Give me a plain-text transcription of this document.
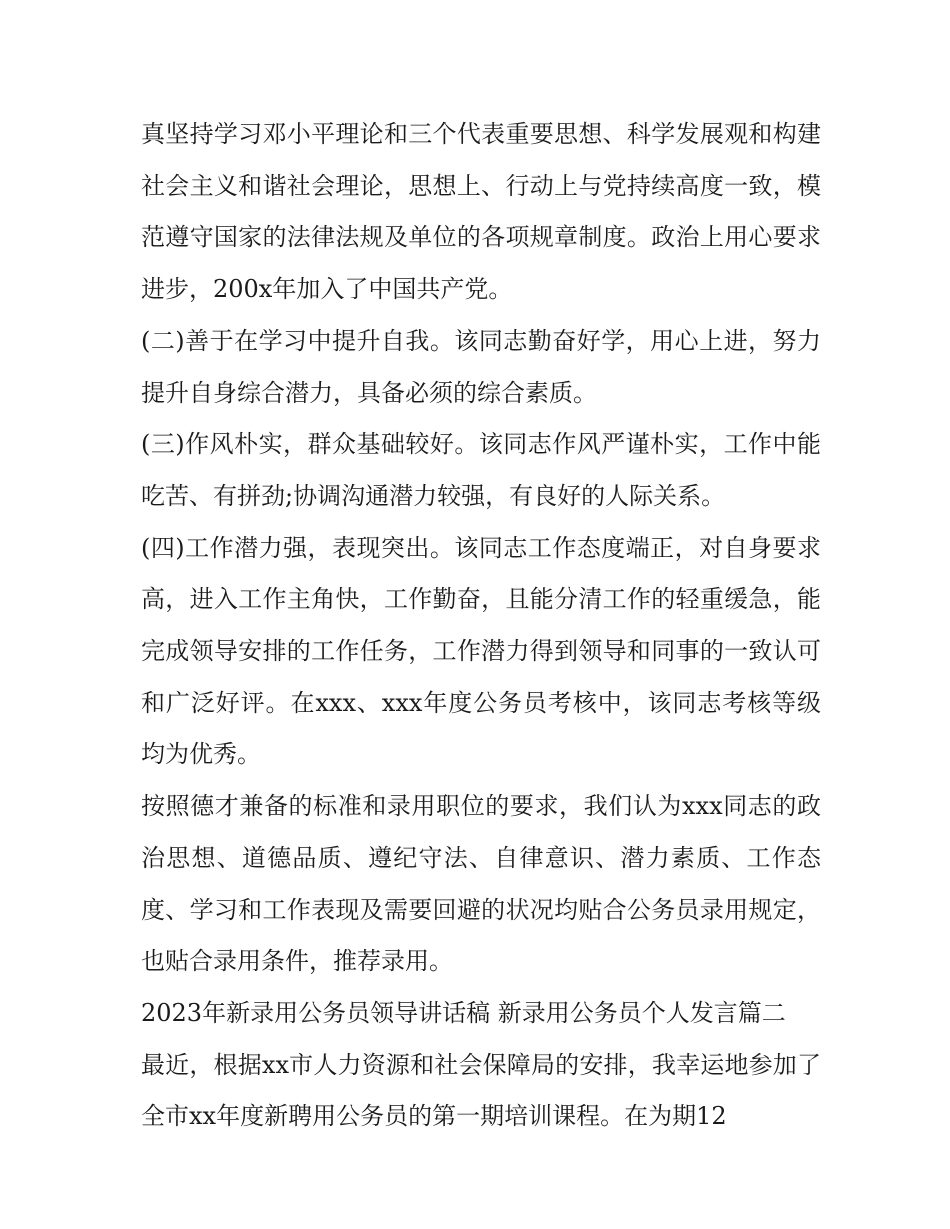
真坚持学习邓小平理论和三个代表重要思想、科学发展观和构建社会主义和谐社会理论，思想上、行动上与党持续高度一致，模范遵守国家的法律法规及单位的各项规章制度。政治上用心要求进步，200x年加入了中国共产党。

(二)善于在学习中提升自我。该同志勤奋好学，用心上进，努力提升自身综合潜力，具备必须的综合素质。

(三)作风朴实，群众基础较好。该同志作风严谨朴实，工作中能吃苦、有拼劲;协调沟通潜力较强，有良好的人际关系。

(四)工作潜力强，表现突出。该同志工作态度端正，对自身要求高，进入工作主角快，工作勤奋，且能分清工作的轻重缓急，能完成领导安排的工作任务，工作潜力得到领导和同事的一致认可和广泛好评。在xxx、xxx年度公务员考核中，该同志考核等级均为优秀。

按照德才兼备的标准和录用职位的要求，我们认为xxx同志的政治思想、道德品质、遵纪守法、自律意识、潜力素质、工作态度、学习和工作表现及需要回避的状况均贴合公务员录用规定，也贴合录用条件，推荐录用。

2023年新录用公务员领导讲话稿 新录用公务员个人发言篇二

最近，根据xx市人力资源和社会保障局的安排，我幸运地参加了全市xx年度新聘用公务员的第一期培训课程。在为期12
